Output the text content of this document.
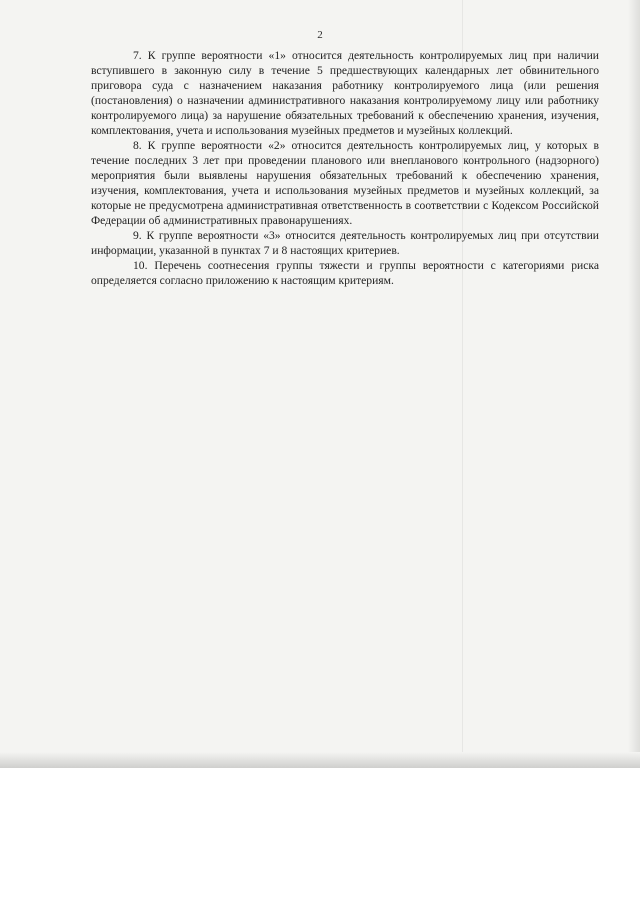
2

7. К группе вероятности «1» относится деятельность контролируемых лиц при наличии вступившего в законную силу в течение 5 предшествующих календарных лет обвинительного приговора суда с назначением наказания работнику контролируемого лица (или решения (постановления) о назначении административного наказания контролируемому лицу или работнику контролируемого лица) за нарушение обязательных требований к обеспечению хранения, изучения, комплектования, учета и использования музейных предметов и музейных коллекций.

8. К группе вероятности «2» относится деятельность контролируемых лиц, у которых в течение последних 3 лет при проведении планового или внепланового контрольного (надзорного) мероприятия были выявлены нарушения обязательных требований к обеспечению хранения, изучения, комплектования, учета и использования музейных предметов и музейных коллекций, за которые не предусмотрена административная ответственность в соответствии с Кодексом Российской Федерации об административных правонарушениях.

9. К группе вероятности «3» относится деятельность контролируемых лиц при отсутствии информации, указанной в пунктах 7 и 8 настоящих критериев.

10. Перечень соотнесения группы тяжести и группы вероятности с категориями риска определяется согласно приложению к настоящим критериям.
